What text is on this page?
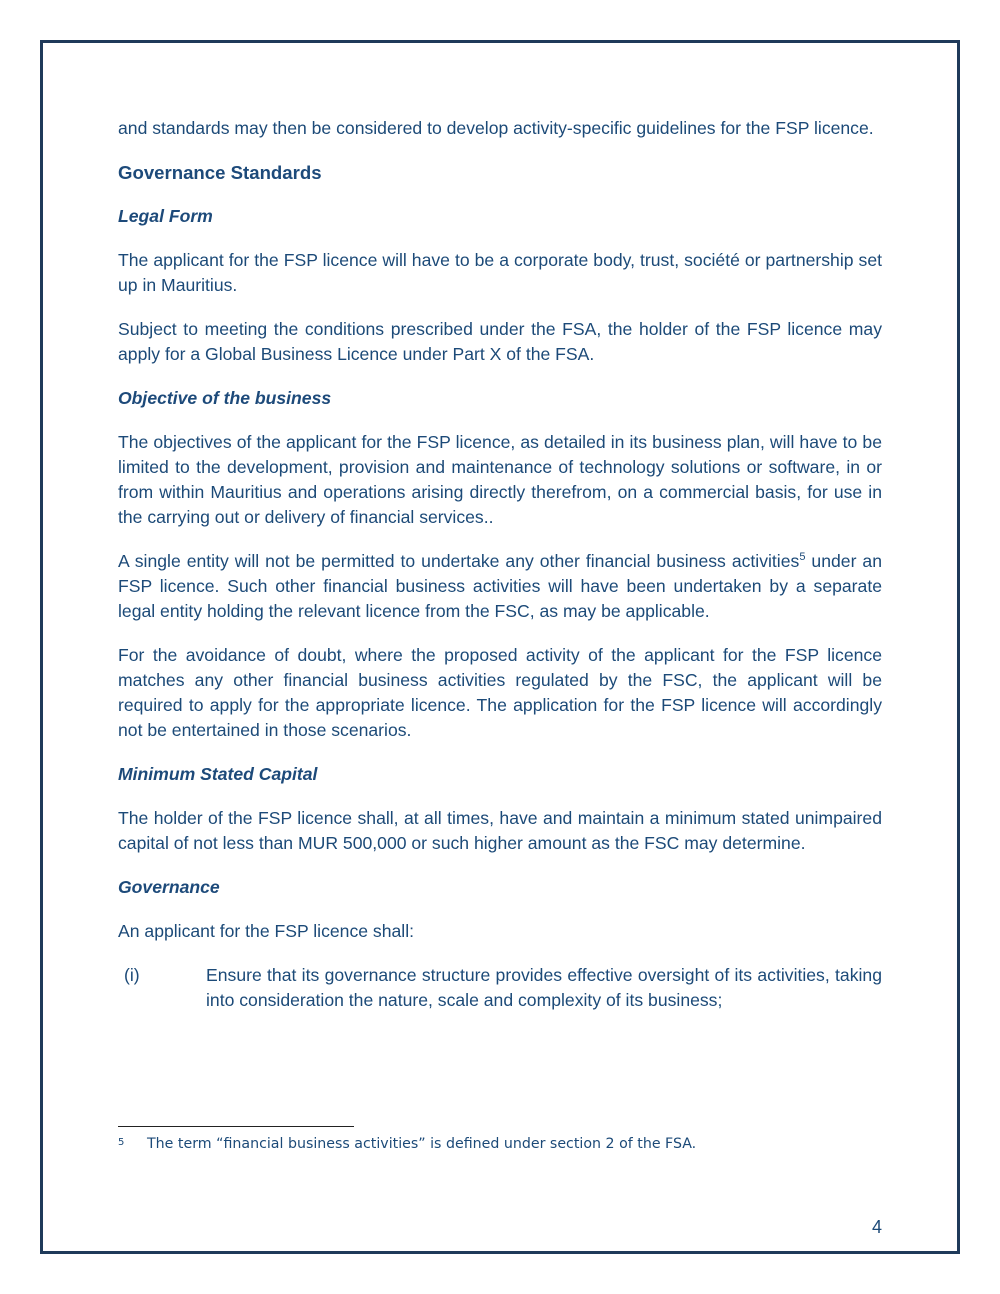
and standards may then be considered to develop activity-specific guidelines for the FSP licence.

Governance Standards
Legal Form

The applicant for the FSP licence will have to be a corporate body, trust, société or partnership set up in Mauritius.

Subject to meeting the conditions prescribed under the FSA, the holder of the FSP licence may apply for a Global Business Licence under Part X of the FSA.

Objective of the business

The objectives of the applicant for the FSP licence, as detailed in its business plan, will have to be limited to the development, provision and maintenance of technology solutions or software, in or from within Mauritius and operations arising directly therefrom, on a commercial basis, for use in the carrying out or delivery of financial services..

A single entity will not be permitted to undertake any other financial business activities$^5$ under an FSP licence. Such other financial business activities will have been undertaken by a separate legal entity holding the relevant licence from the FSC, as may be applicable.

For the avoidance of doubt, where the proposed activity of the applicant for the FSP licence matches any other financial business activities regulated by the FSC, the applicant will be required to apply for the appropriate licence. The application for the FSP licence will accordingly not be entertained in those scenarios.

Minimum Stated Capital

The holder of the FSP licence shall, at all times, have and maintain a minimum stated unimpaired capital of not less than MUR 500,000 or such higher amount as the FSC may determine.

Governance

An applicant for the FSP licence shall:

(i)	Ensure that its governance structure provides effective oversight of its activities, taking into consideration the nature, scale and complexity of its business;
5	The term “financial business activities” is defined under section 2 of the FSA.
4
